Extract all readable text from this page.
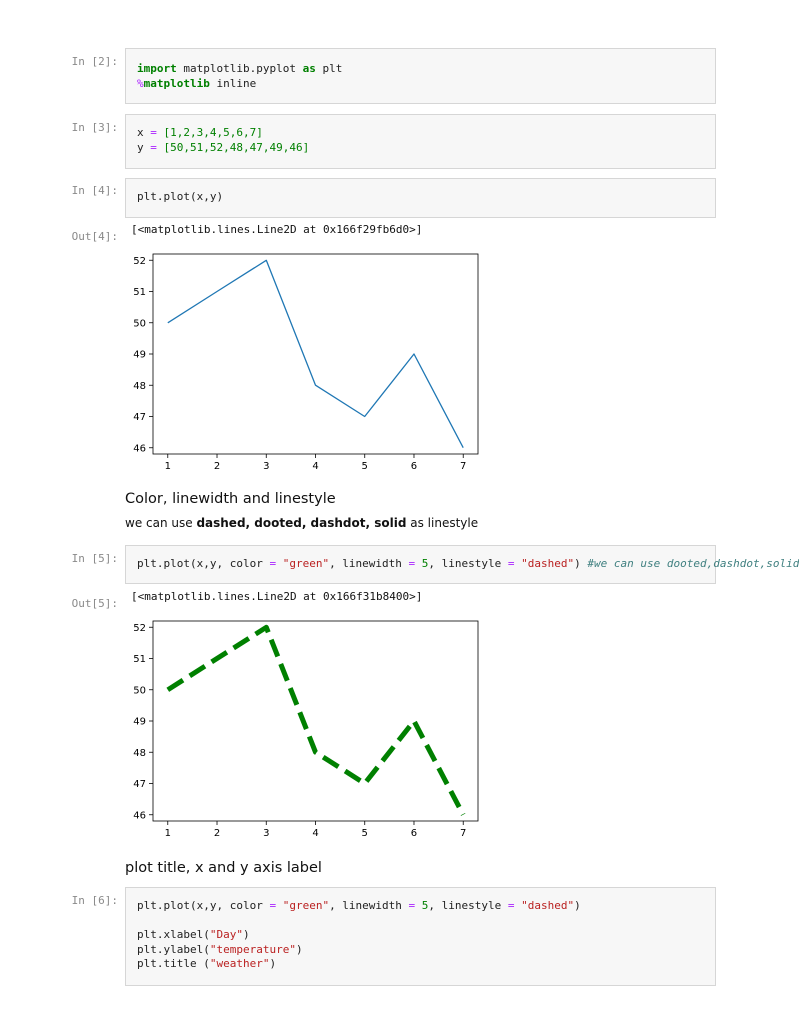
In [2]:
import matplotlib.pyplot as plt
%matplotlib inline
In [3]:	x = [1,2,3,4,5,6,7]
y = [50,51,52,48,47,49,46]
In [4]:	plt.plot(x,y)
Out[4]:
[<matplotlib.lines.Line2D at 0x166f29fb6d0>]
46
47
48
49
50
51
52
1	2	3	4	5	6	7
Color, linewidth and linestyle

we can use dashed, dooted, dashdot, solid as linestyle

In [5]:	plt.plot(x,y, color = "green", linewidth = 5, linestyle = "dashed") #we can use dooted,dashdot,solid
Out[5]:
[<matplotlib.lines.Line2D at 0x166f31b8400>]
46
47
48
49
50
51
52
1	2	3	4	5	6	7
plot title, x and y axis label
In [6]:	plt.plot(x,y, color = "green", linewidth = 5, linestyle = "dashed")

plt.xlabel("Day")
plt.ylabel("temperature")
plt.title ("weather")
